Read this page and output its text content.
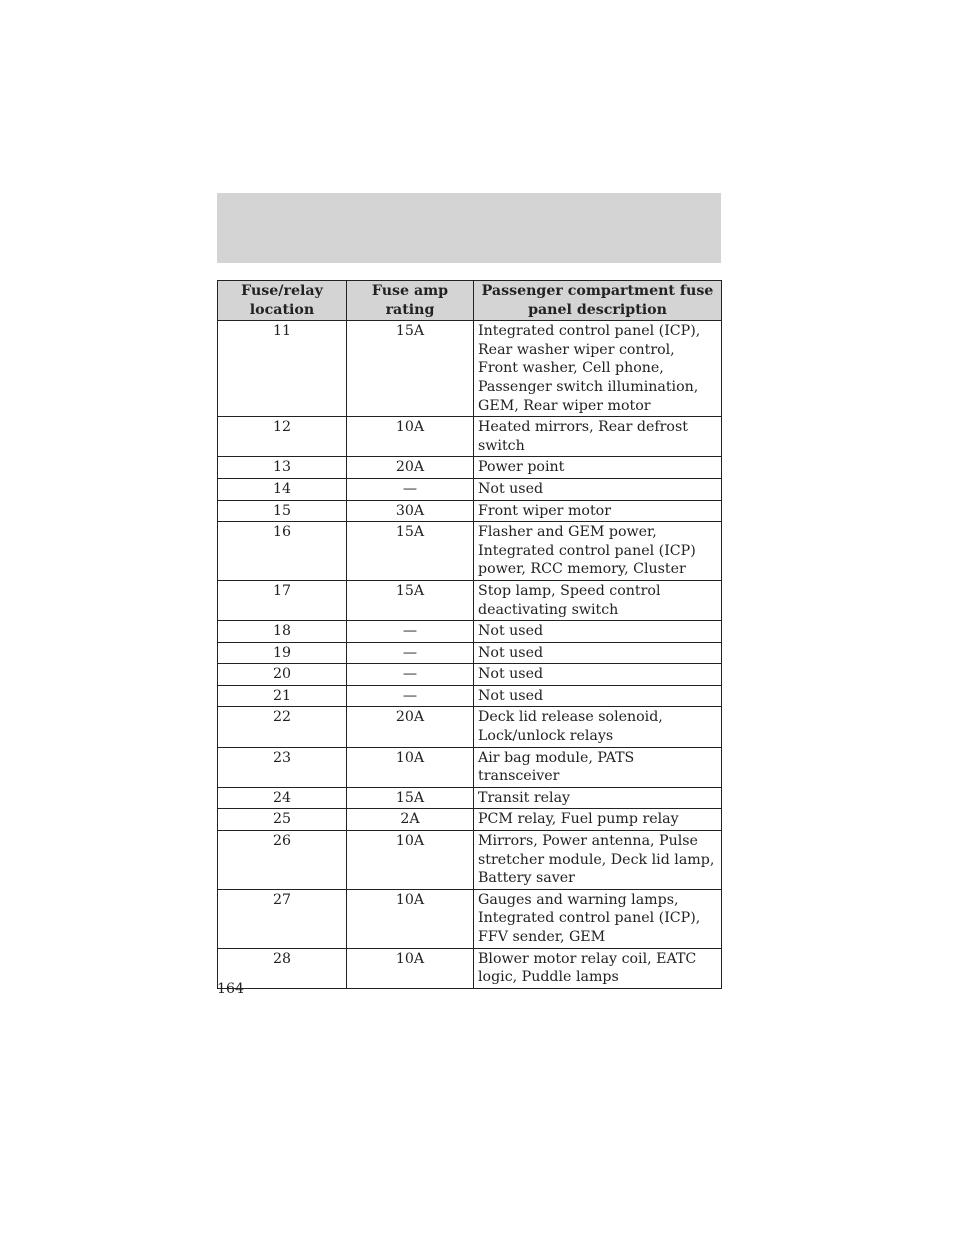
Fuse/relay location	Fuse amp rating	Passenger compartment fuse panel description
11	15A	Integrated control panel (ICP), Rear washer wiper control, Front washer, Cell phone, Passenger switch illumination, GEM, Rear wiper motor
12	10A	Heated mirrors, Rear defrost switch
13	20A	Power point
14	—	Not used
15	30A	Front wiper motor
16	15A	Flasher and GEM power, Integrated control panel (ICP) power, RCC memory, Cluster
17	15A	Stop lamp, Speed control deactivating switch
18	—	Not used
19	—	Not used
20	—	Not used
21	—	Not used
22	20A	Deck lid release solenoid, Lock/unlock relays
23	10A	Air bag module, PATS transceiver
24	15A	Transit relay
25	2A	PCM relay, Fuel pump relay
26	10A	Mirrors, Power antenna, Pulse stretcher module, Deck lid lamp, Battery saver
27	10A	Gauges and warning lamps, Integrated control panel (ICP), FFV sender, GEM
28	10A	Blower motor relay coil, EATC logic, Puddle lamps
164
